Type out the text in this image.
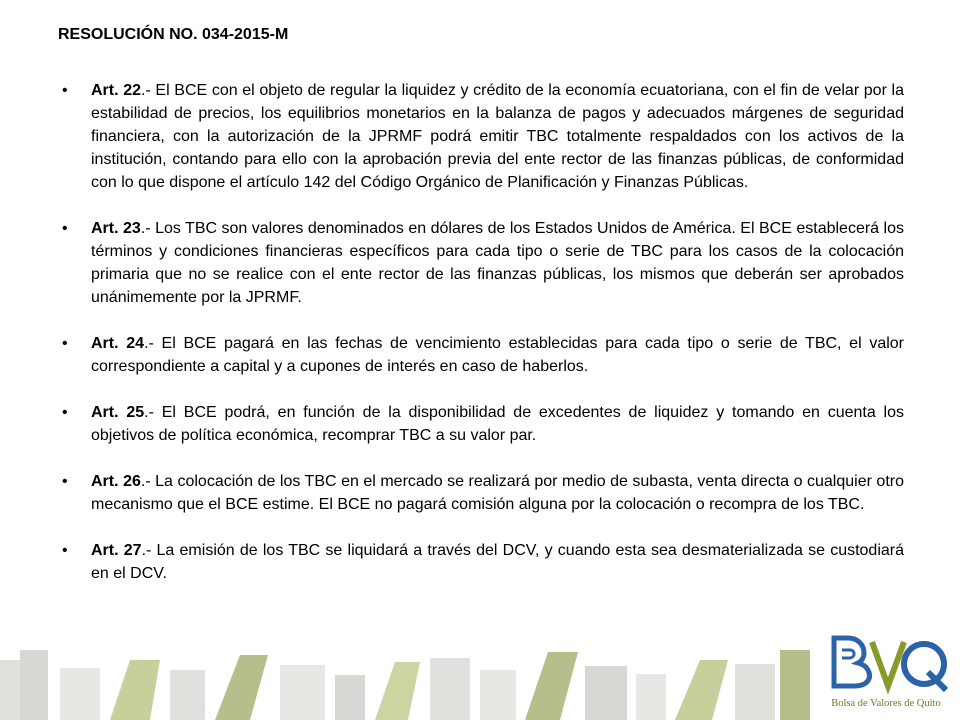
RESOLUCIÓN NO. 034-2015-M
• Art. 22.- El BCE con el objeto de regular la liquidez y crédito de la economía ecuatoriana, con el fin de velar por la estabilidad de precios, los equilibrios monetarios en la balanza de pagos y adecuados márgenes de seguridad financiera, con la autorización de la JPRMF podrá emitir TBC totalmente respaldados con los activos de la institución, contando para ello con la aprobación previa del ente rector de las finanzas públicas, de conformidad con lo que dispone el artículo 142 del Código Orgánico de Planificación y Finanzas Públicas.
• Art. 23.- Los TBC son valores denominados en dólares de los Estados Unidos de América. El BCE establecerá los términos y condiciones financieras específicos para cada tipo o serie de TBC para los casos de la colocación primaria que no se realice con el ente rector de las finanzas públicas, los mismos que deberán ser aprobados unánimemente por la JPRMF.
• Art. 24.- El BCE pagará en las fechas de vencimiento establecidas para cada tipo o serie de TBC, el valor correspondiente a capital y a cupones de interés en caso de haberlos.
• Art. 25.- El BCE podrá, en función de la disponibilidad de excedentes de liquidez y tomando en cuenta los objetivos de política económica, recomprar TBC a su valor par.
• Art. 26.- La colocación de los TBC en el mercado se realizará por medio de subasta, venta directa o cualquier otro mecanismo que el BCE estime. El BCE no pagará comisión alguna por la colocación o recompra de los TBC.
• Art. 27.- La emisión de los TBC se liquidará a través del DCV, y cuando esta sea desmaterializada se custodiará en el DCV.
Bolsa de Valores de Quito
